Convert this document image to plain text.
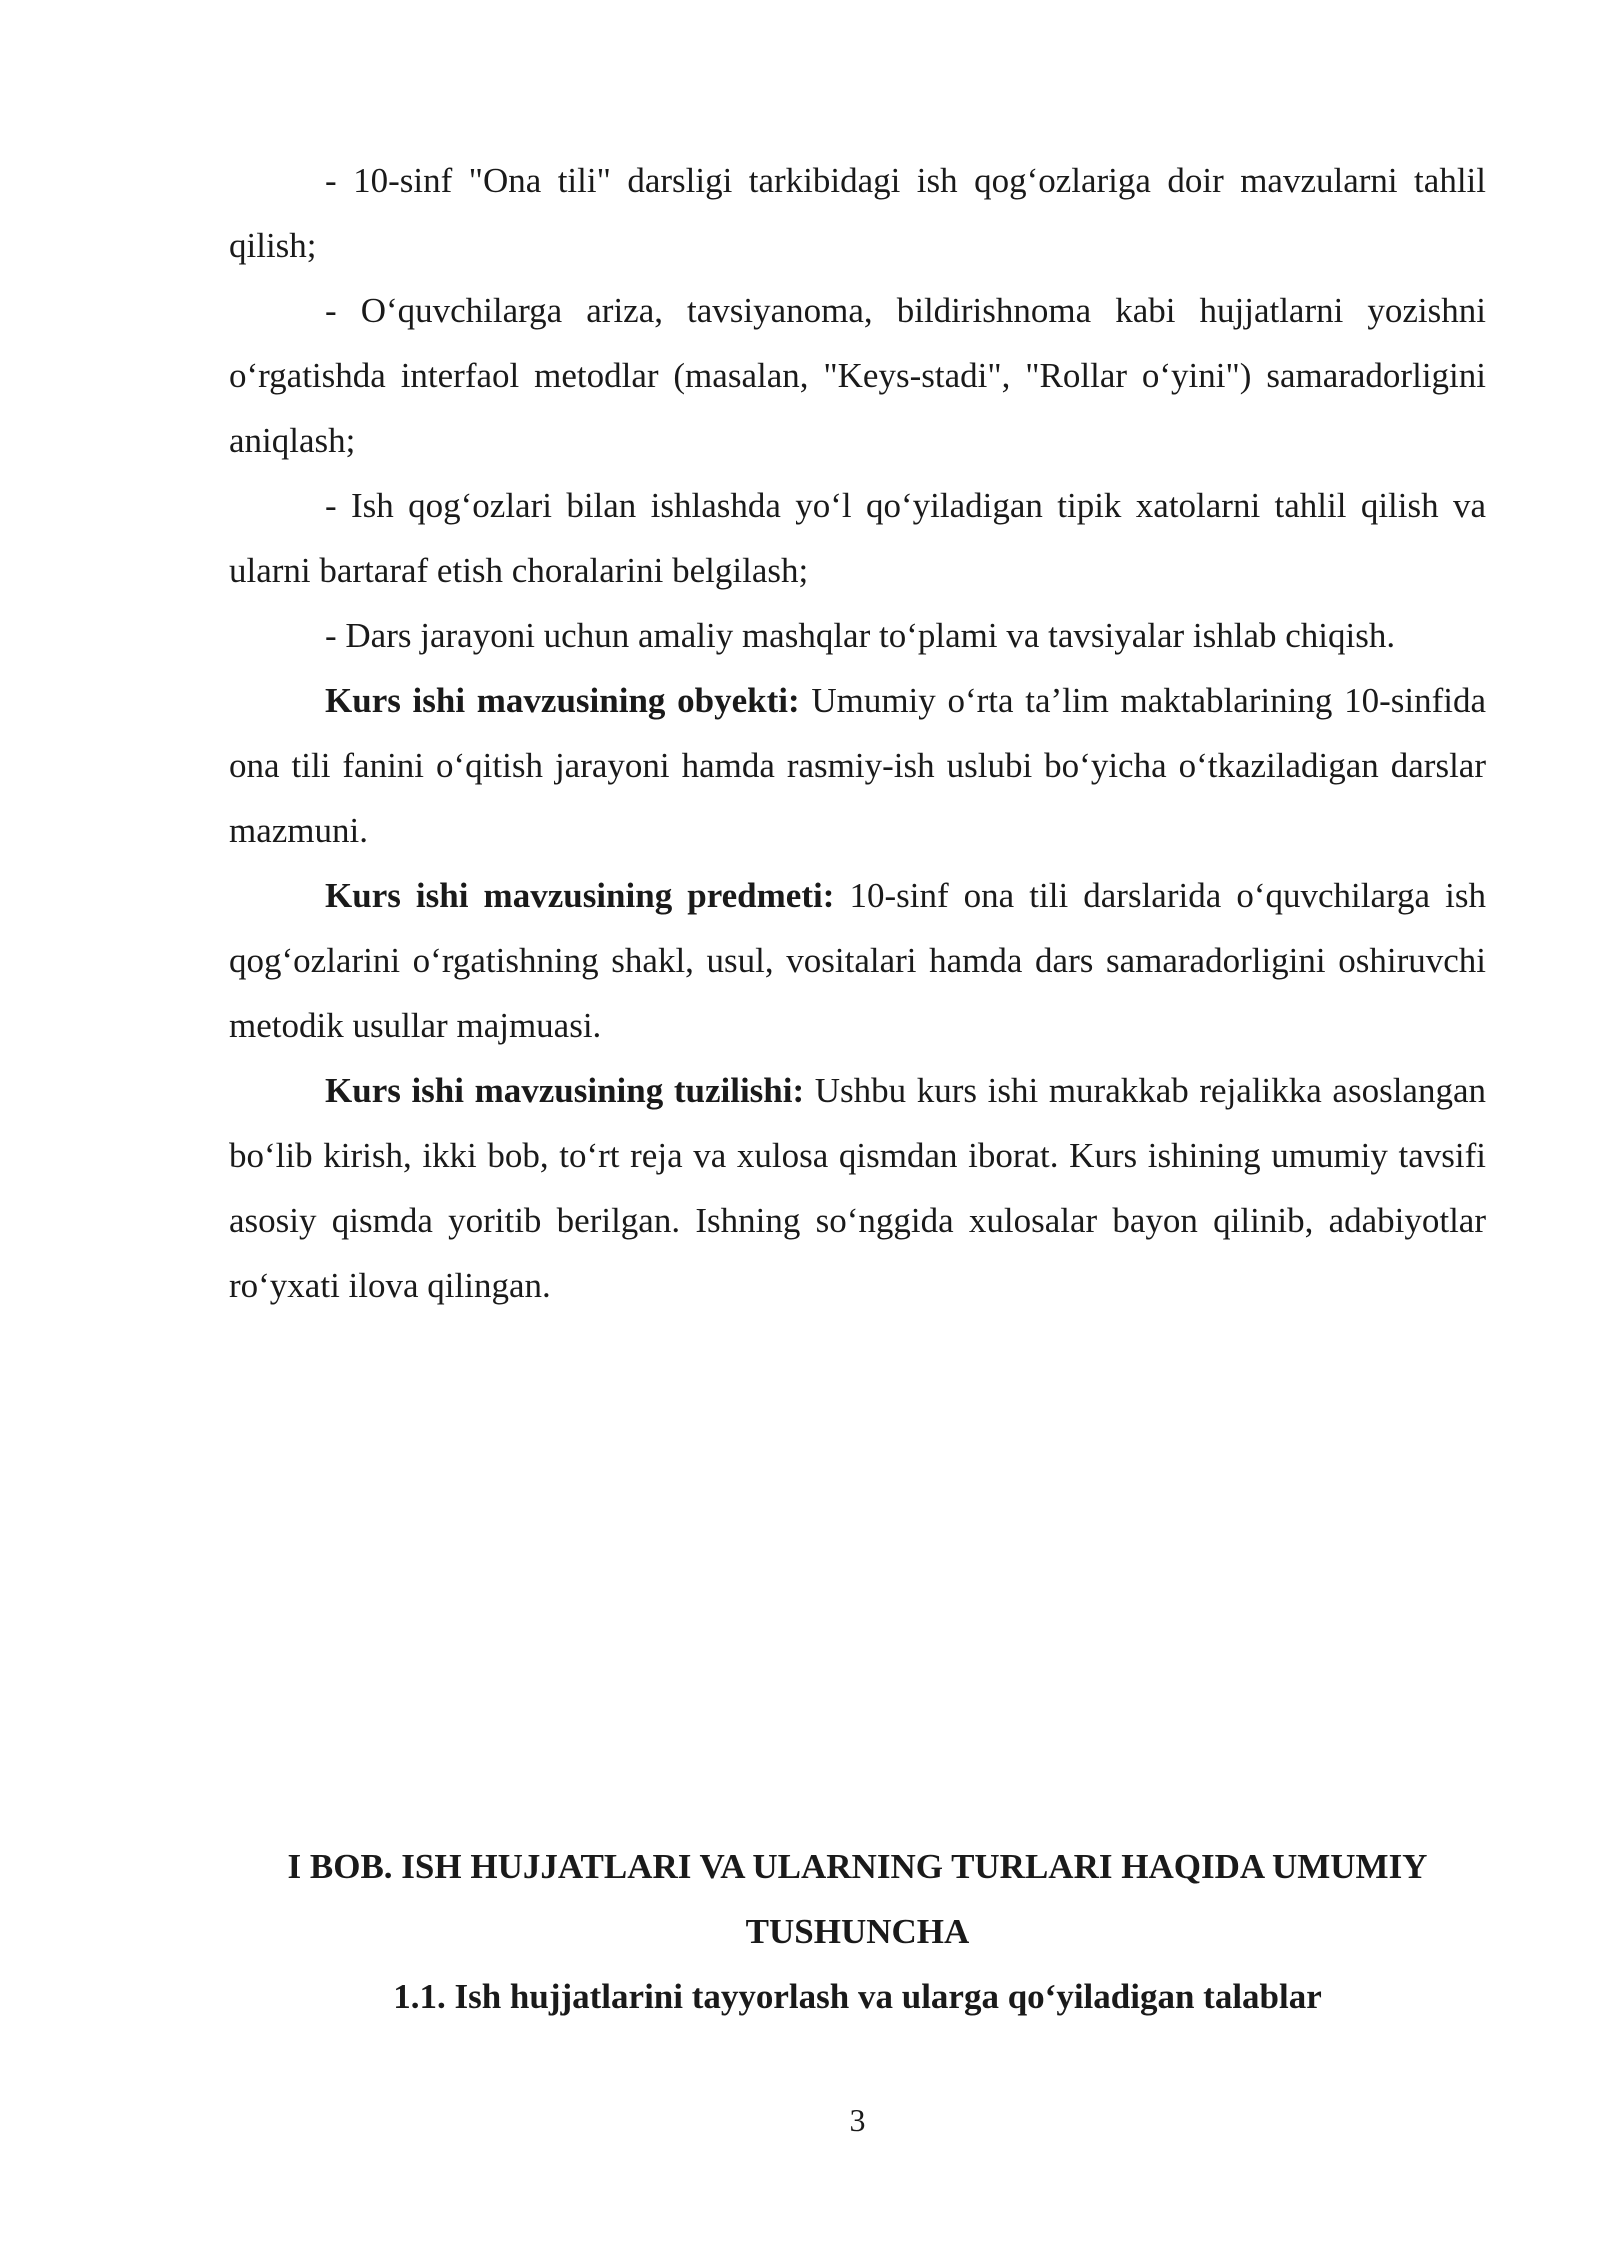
- 10-sinf "Ona tili" darsligi tarkibidagi ish qog‘ozlariga doir mavzularni tahlil qilish;

- O‘quvchilarga ariza, tavsiyanoma, bildirishnoma kabi hujjatlarni yozishni o‘rgatishda interfaol metodlar (masalan, "Keys-stadi", "Rollar o‘yini") samaradorligini aniqlash;

- Ish qog‘ozlari bilan ishlashda yo‘l qo‘yiladigan tipik xatolarni tahlil qilish va ularni bartaraf etish choralarini belgilash;

- Dars jarayoni uchun amaliy mashqlar to‘plami va tavsiyalar ishlab chiqish.

Kurs ishi mavzusining obyekti: Umumiy o‘rta ta’lim maktablarining 10-sinfida ona tili fanini o‘qitish jarayoni hamda rasmiy-ish uslubi bo‘yicha o‘tkaziladigan darslar mazmuni.

Kurs ishi mavzusining predmeti: 10-sinf ona tili darslarida o‘quvchilarga ish qog‘ozlarini o‘rgatishning shakl, usul, vositalari hamda dars samaradorligini oshiruvchi metodik usullar majmuasi.

Kurs ishi mavzusining tuzilishi: Ushbu kurs ishi murakkab rejalikka asoslangan bo‘lib kirish, ikki bob, to‘rt reja va xulosa qismdan iborat. Kurs ishining umumiy tavsifi asosiy qismda yoritib berilgan. Ishning so‘nggida xulosalar bayon qilinib, adabiyotlar ro‘yxati ilova qilingan.

I BOB. ISH HUJJATLARI VA ULARNING TURLARI HAQIDA UMUMIY TUSHUNCHA
1.1. Ish hujjatlarini tayyorlash va ularga qo‘yiladigan talablar
3
